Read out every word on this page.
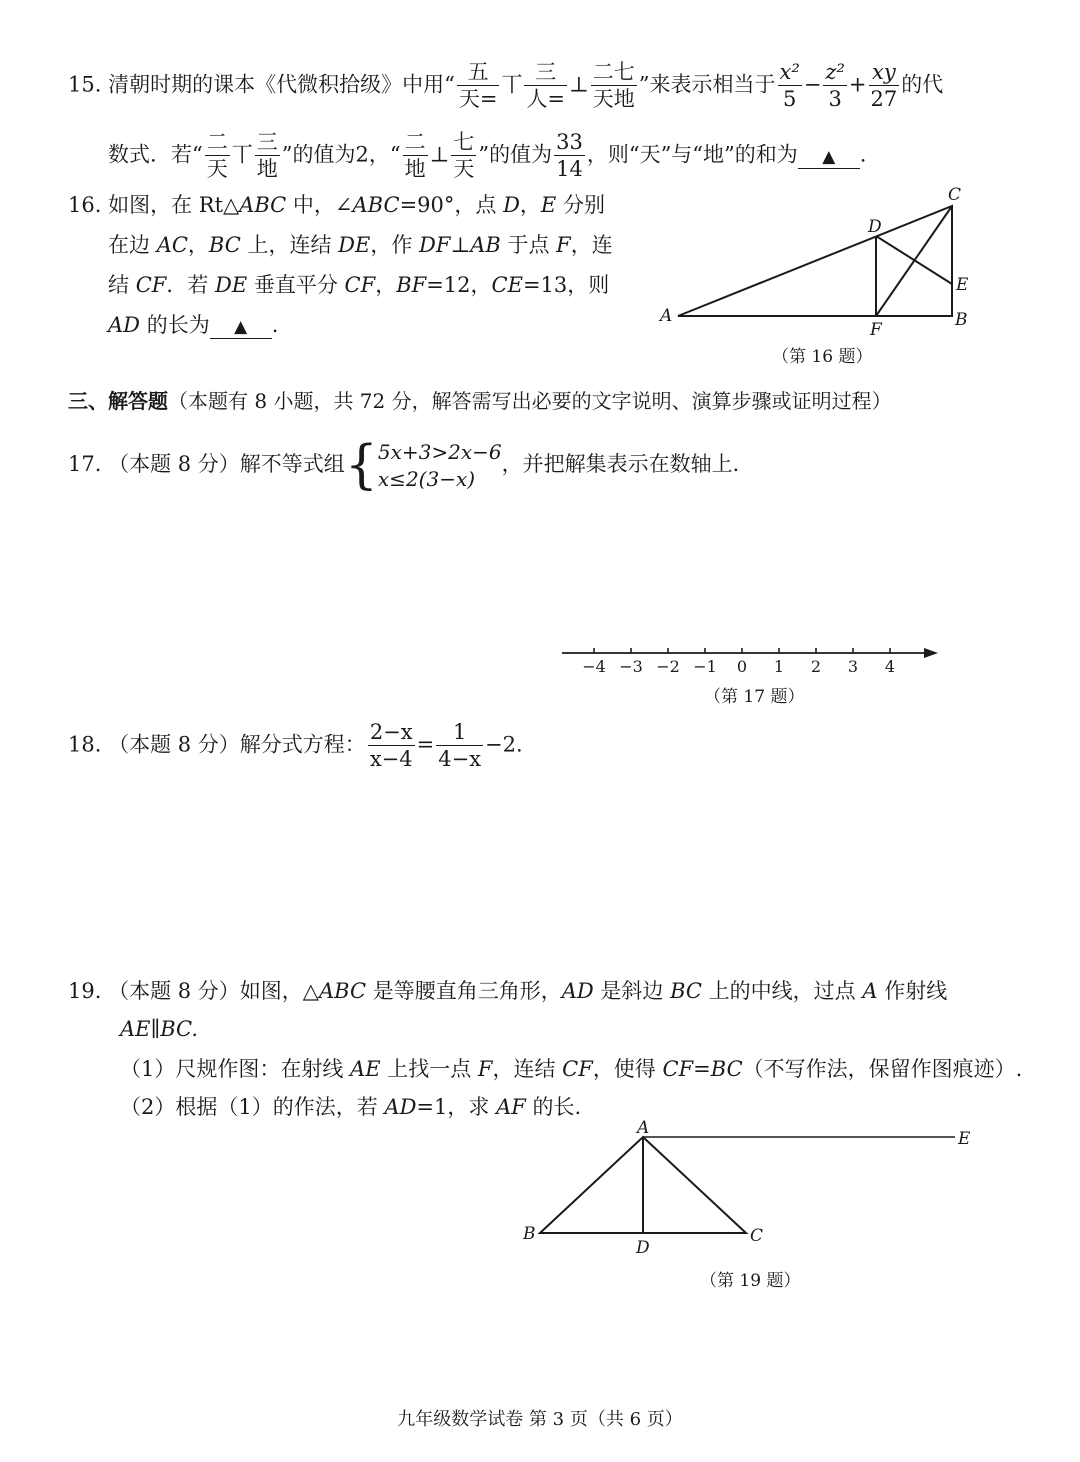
15. 清朝时期的课本《代微积拾级》中用“ $\frac{\text{五}}{\text{天=}}$ 丅 $\frac{\text{三}}{\text{人=}}$ ⊥ $\frac{\text{二七}}{\text{天地}}$ ”来表示相当于 $\frac{\text{x²}}{5} - \frac{\text{z²}}{3} + \frac{xy}{27}$ 的代
数式．若“ $\frac{\text{二}}{\text{天}}$ 丅 $\frac{\text{三}}{\text{地}}$ ”的值为2，“ $\frac{\text{二}}{\text{地}}$ ⊥ $\frac{\text{七}}{\text{天}}$ ”的值为 $\frac{33}{14}$ ，则“天”与“地”的和为 ▲ .
16. 如图，在 Rt△ABC 中，∠ABC=90°，点 D，E 分别
在边 AC，BC 上，连结 DE，作 DF⊥AB 于点 F，连
结 CF．若 DE 垂直平分 CF，BF=12，CE=13，则
AD 的长为 ▲ .	A	B
C
D
E
F
（第 16 题）
三、解答题（本题有 8 小题，共 72 分，解答需写出必要的文字说明、演算步骤或证明过程）
17. （本题 8 分）解不等式组{ 5x+3>2x−6
x≤2(3−x)
，并把解集表示在数轴上．
−4 −3 −2 −1 0 1 2 3 4
（第 17 题）
18. （本题 8 分）解分式方程： $\frac{2-x}{x-4} = \frac{1}{4-x} -2$.
19. （本题 8 分）如图，△ABC 是等腰直角三角形，AD 是斜边 BC 上的中线，过点 A 作射线
AE∥BC.
（1）尺规作图：在射线 AE 上找一点 F，连结 CF，使得 CF=BC（不写作法，保留作图痕迹）.
（2）根据（1）的作法，若 AD=1，求 AF 的长.
A
B	C
D
E
（第 19 题）
九年级数学试卷 第 3 页（共 6 页）
